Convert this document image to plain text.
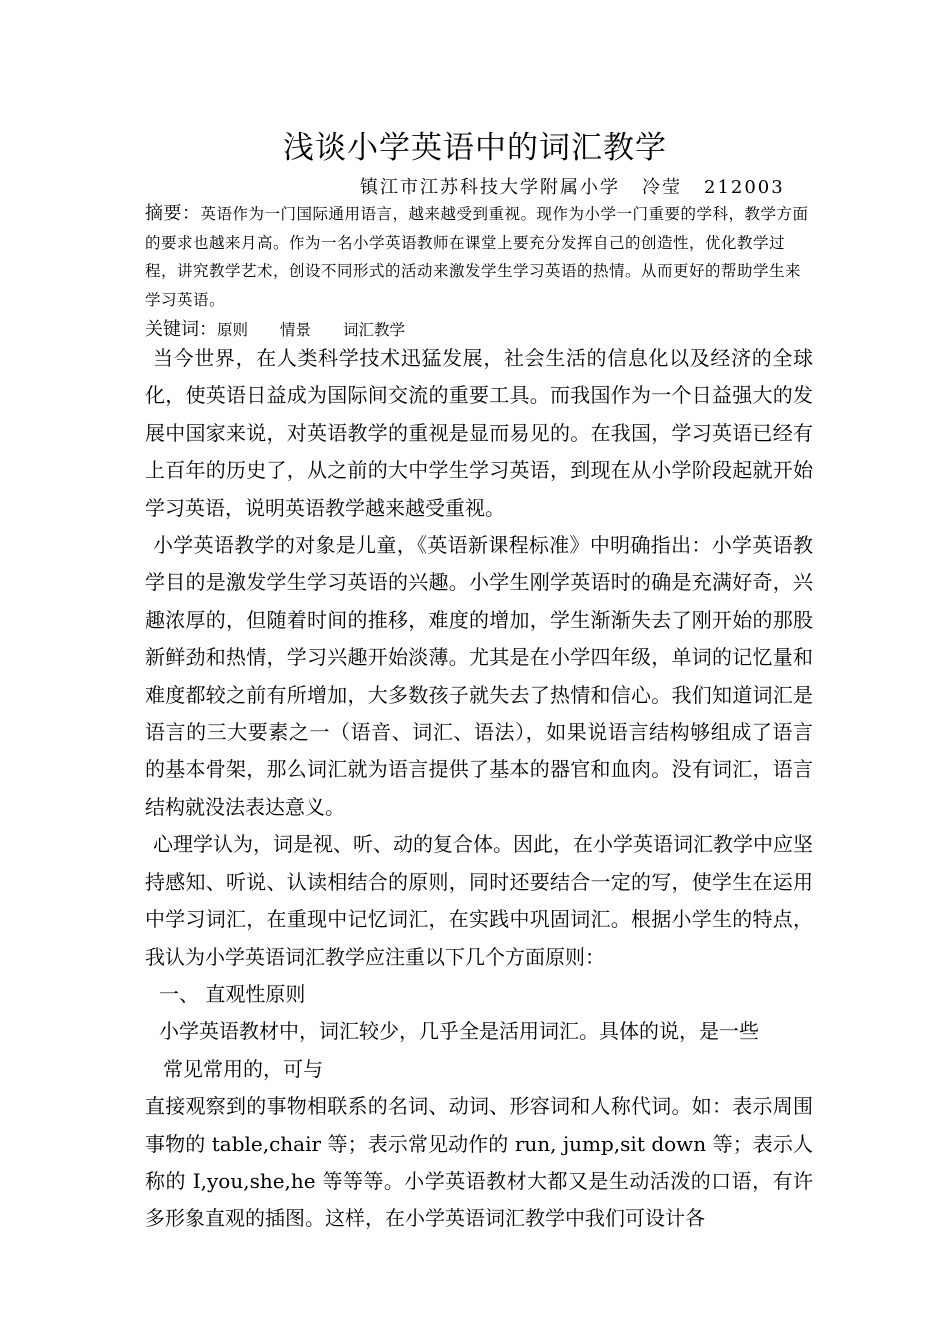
浅谈小学英语中的词汇教学
镇江市江苏科技大学附属小学 冷莹 212003
摘要：英语作为一门国际通用语言，越来越受到重视。现作为小学一门重要的学科，教学方面的要求也越来月高。作为一名小学英语教师在课堂上要充分发挥自己的创造性，优化教学过程，讲究教学艺术，创设不同形式的活动来激发学生学习英语的热情。从而更好的帮助学生来学习英语。
关键词：原则 情景 词汇教学

当今世界，在人类科学技术迅猛发展，社会生活的信息化以及经济的全球化，使英语日益成为国际间交流的重要工具。而我国作为一个日益强大的发展中国家来说，对英语教学的重视是显而易见的。在我国，学习英语已经有上百年的历史了，从之前的大中学生学习英语，到现在从小学阶段起就开始学习英语，说明英语教学越来越受重视。

小学英语教学的对象是儿童，《英语新课程标准》中明确指出：小学英语教学目的是激发学生学习英语的兴趣。小学生刚学英语时的确是充满好奇，兴趣浓厚的，但随着时间的推移，难度的增加，学生渐渐失去了刚开始的那股新鲜劲和热情，学习兴趣开始淡薄。尤其是在小学四年级，单词的记忆量和难度都较之前有所增加，大多数孩子就失去了热情和信心。我们知道词汇是语言的三大要素之一（语音、词汇、语法），如果说语言结构够组成了语言的基本骨架，那么词汇就为语言提供了基本的器官和血肉。没有词汇，语言结构就没法表达意义。

心理学认为，词是视、听、动的复合体。因此，在小学英语词汇教学中应坚持感知、听说、认读相结合的原则，同时还要结合一定的写，使学生在运用中学习词汇，在重现中记忆词汇，在实践中巩固词汇。根据小学生的特点，我认为小学英语词汇教学应注重以下几个方面原则：

一、 直观性原则

小学英语教材中，词汇较少，几乎全是活用词汇。具体的说，是一些

常见常用的，可与

直接观察到的事物相联系的名词、动词、形容词和人称代词。如：表示周围事物的 table,chair 等；表示常见动作的 run, jump,sit down 等；表示人称的 I,you,she,he 等等等。小学英语教材大都又是生动活泼的口语，有许多形象直观的插图。这样，在小学英语词汇教学中我们可设计各
